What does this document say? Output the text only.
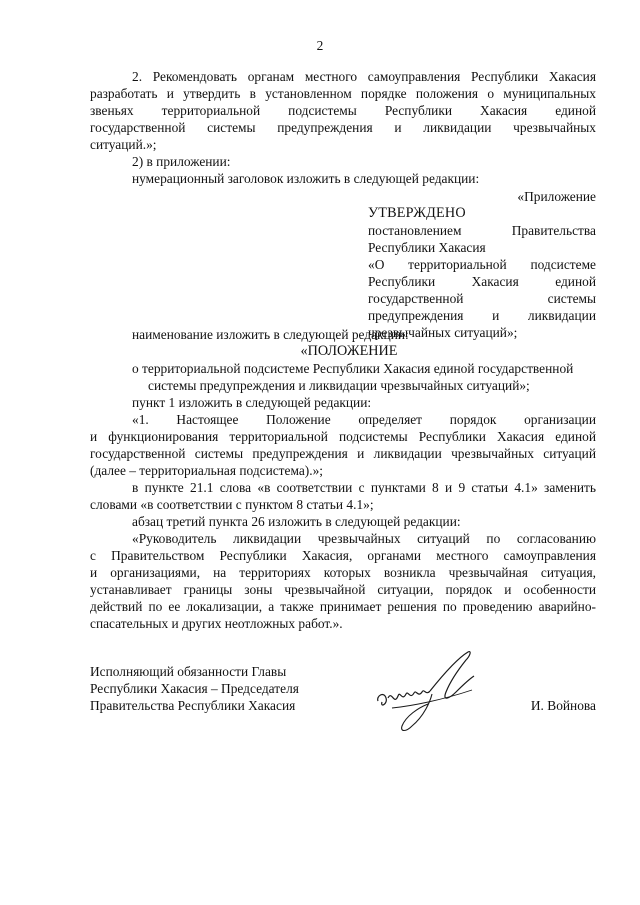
2
2. Рекомендовать органам местного самоуправления Республики Хакасия
разработать и утвердить в установленном порядке положения о муниципальных
звеньях территориальной подсистемы Республики Хакасия единой
государственной системы предупреждения и ликвидации чрезвычайных
ситуаций.»;
2) в приложении:
нумерационный заголовок изложить в следующей редакции:
«Приложение
УТВЕРЖДЕНО
постановлением Правительства
Республики Хакасия
«О территориальной подсистеме
Республики Хакасия единой
государственной системы
предупреждения и ликвидации
чрезвычайных ситуаций»;
наименование изложить в следующей редакции:
«ПОЛОЖЕНИЕ
о территориальной подсистеме Республики Хакасия единой государственной
системы предупреждения и ликвидации чрезвычайных ситуаций»;
пункт 1 изложить в следующей редакции:
«1. Настоящее Положение определяет порядок организации
и функционирования территориальной подсистемы Республики Хакасия единой
государственной системы предупреждения и ликвидации чрезвычайных ситуаций
(далее – территориальная подсистема).»;
в пункте 21.1 слова «в соответствии с пунктами 8 и 9 статьи 4.1» заменить
словами «в соответствии с пунктом 8 статьи 4.1»;
абзац третий пункта 26 изложить в следующей редакции:
«Руководитель ликвидации чрезвычайных ситуаций по согласованию
с Правительством Республики Хакасия, органами местного самоуправления
и организациями, на территориях которых возникла чрезвычайная ситуация,
устанавливает границы зоны чрезвычайной ситуации, порядок и особенности
действий по ее локализации, а также принимает решения по проведению аварийно-
спасательных и других неотложных работ.».
Исполняющий обязанности Главы
Республики Хакасия – Председателя
Правительства Республики Хакасия	И. Войнова
